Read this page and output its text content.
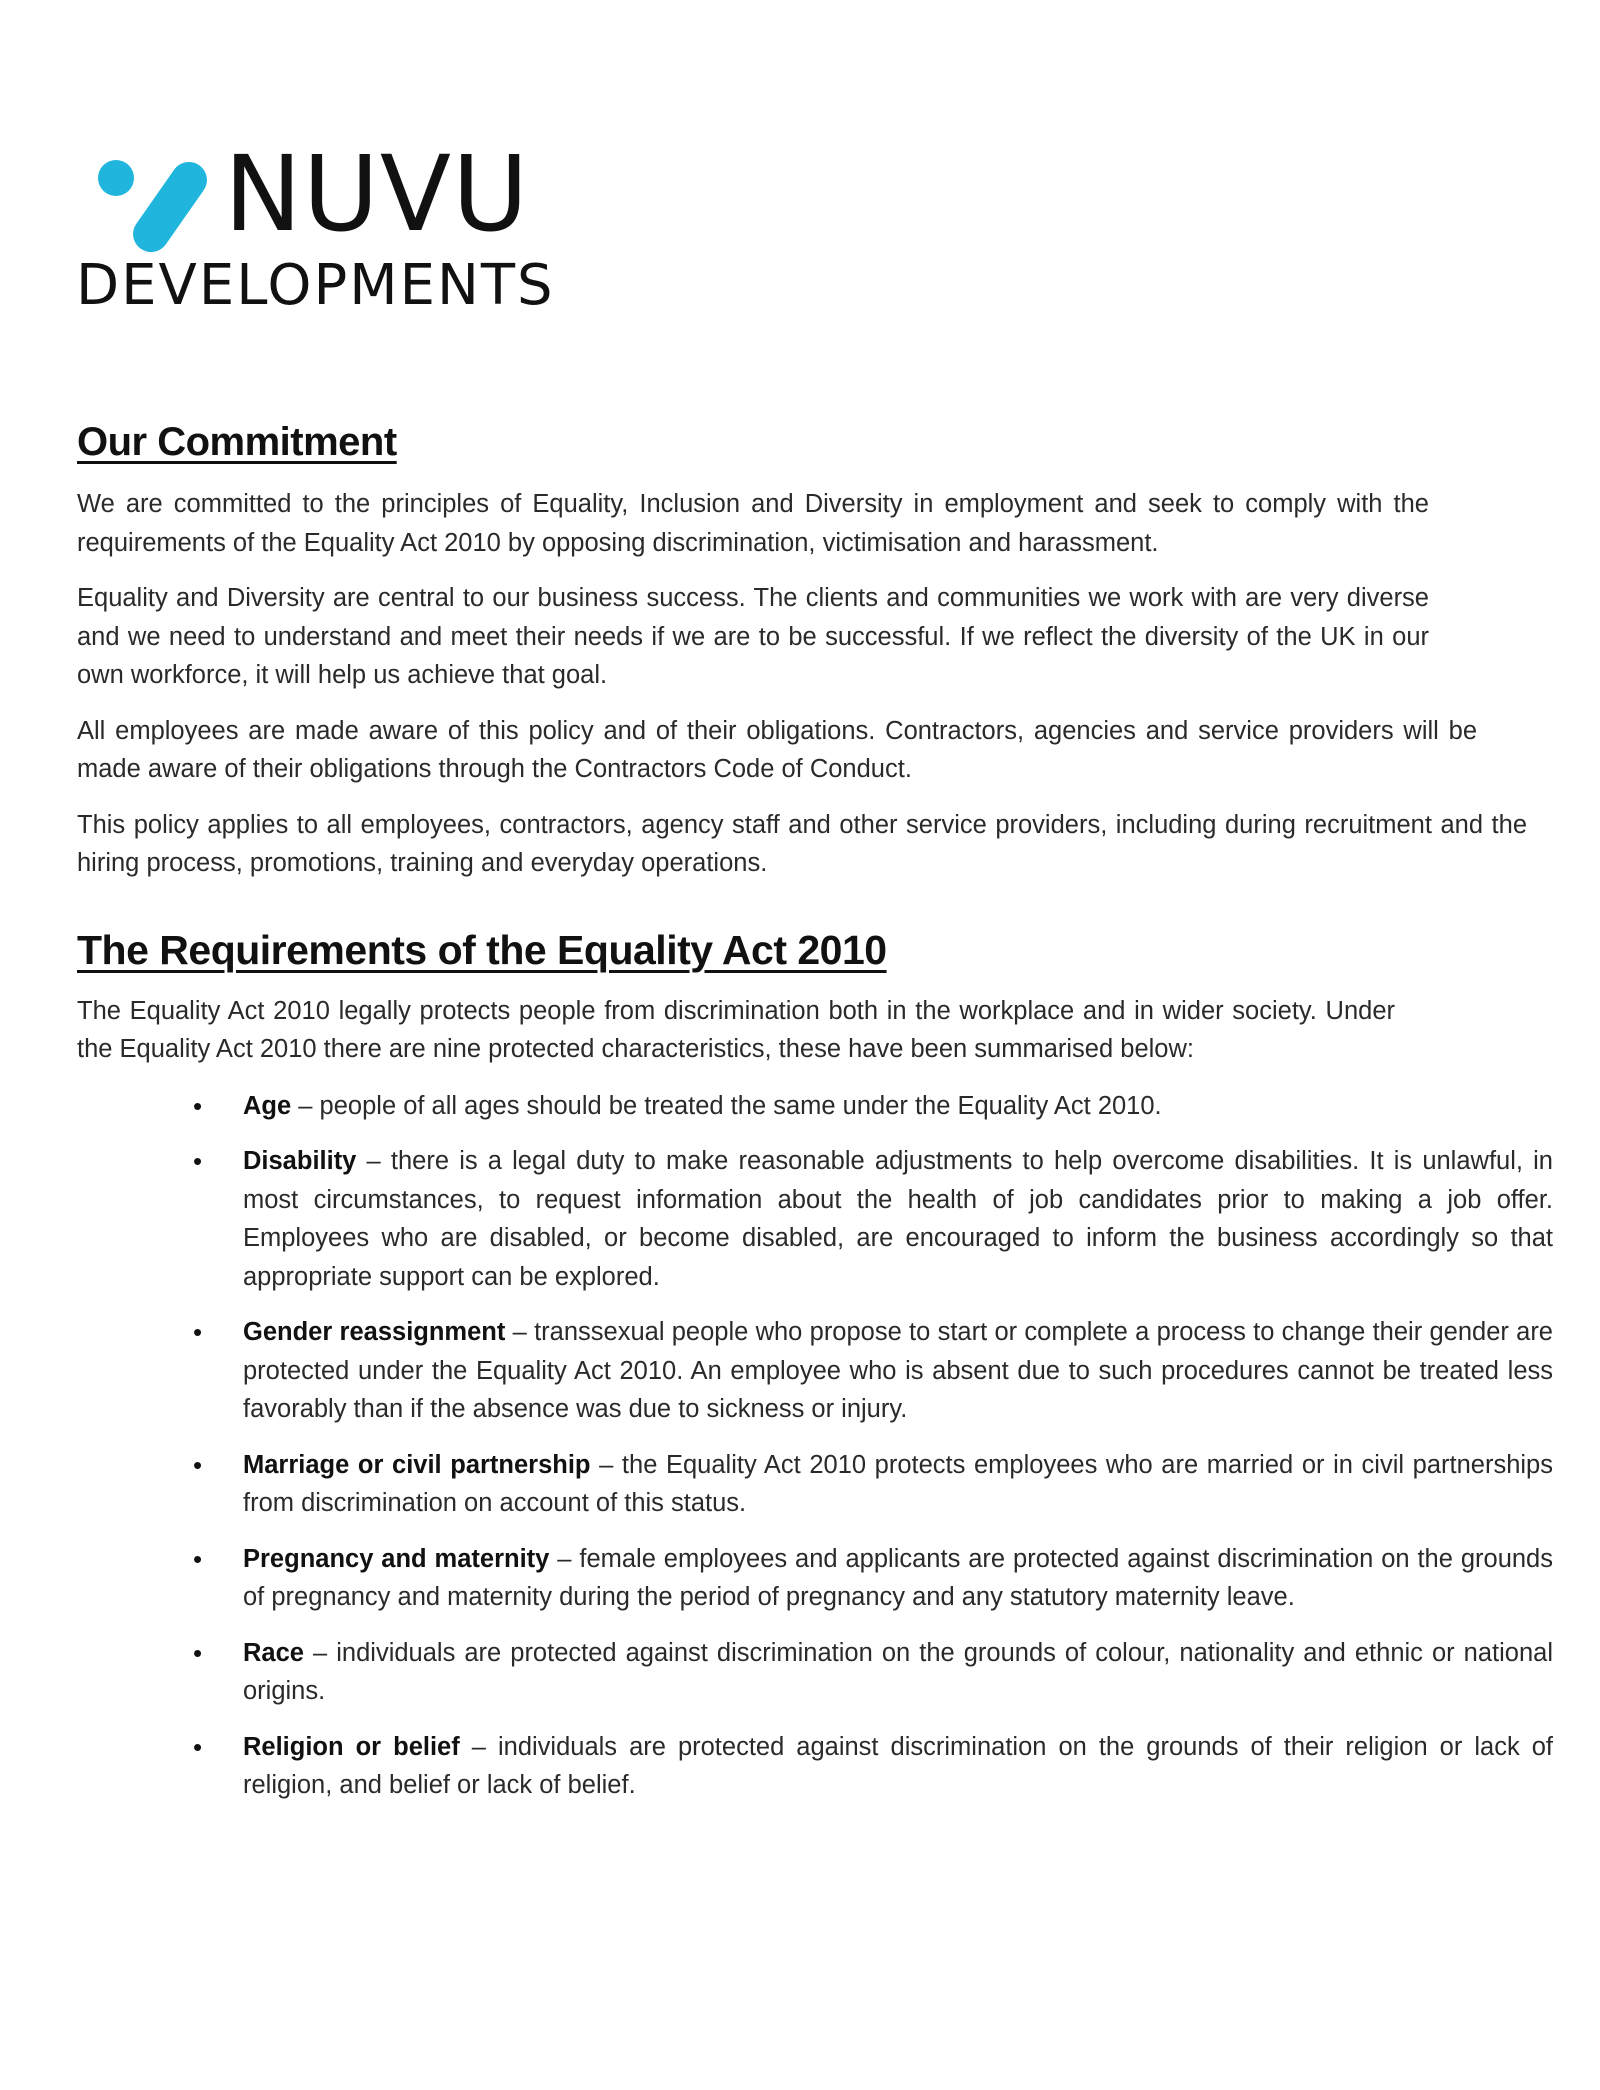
NUVU
DEVELOPMENTS
Our Commitment

We are committed to the principles of Equality, Inclusion and Diversity in employment and seek to comply with the requirements of the Equality Act 2010 by opposing discrimination, victimisation and harassment.

Equality and Diversity are central to our business success. The clients and communities we work with are very diverse and we need to understand and meet their needs if we are to be successful. If we reflect the diversity of the UK in our own workforce, it will help us achieve that goal.

All employees are made aware of this policy and of their obligations. Contractors, agencies and service providers will be made aware of their obligations through the Contractors Code of Conduct.

This policy applies to all employees, contractors, agency staff and other service providers, including during recruitment and the hiring process, promotions, training and everyday operations.

The Requirements of the Equality Act 2010

The Equality Act 2010 legally protects people from discrimination both in the workplace and in wider society. Under the Equality Act 2010 there are nine protected characteristics, these have been summarised below:

• Age – people of all ages should be treated the same under the Equality Act 2010.
• Disability – there is a legal duty to make reasonable adjustments to help overcome disabilities. It is unlawful, in most circumstances, to request information about the health of job candidates prior to making a job offer. Employees who are disabled, or become disabled, are encouraged to inform the business accordingly so that appropriate support can be explored.
• Gender reassignment – transsexual people who propose to start or complete a process to change their gender are protected under the Equality Act 2010. An employee who is absent due to such procedures cannot be treated less favorably than if the absence was due to sickness or injury.
• Marriage or civil partnership – the Equality Act 2010 protects employees who are married or in civil partnerships from discrimination on account of this status.
• Pregnancy and maternity – female employees and applicants are protected against discrimination on the grounds of pregnancy and maternity during the period of pregnancy and any statutory maternity leave.
• Race – individuals are protected against discrimination on the grounds of colour, nationality and ethnic or national origins.
• Religion or belief – individuals are protected against discrimination on the grounds of their religion or lack of religion, and belief or lack of belief.
